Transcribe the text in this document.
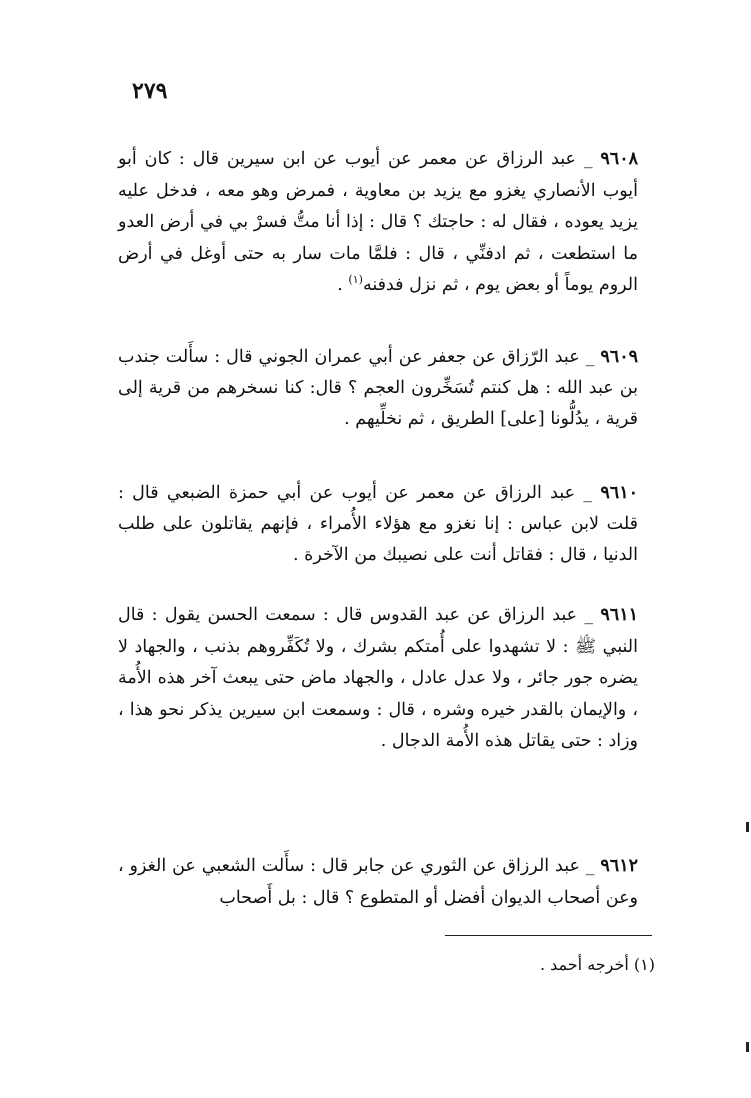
٢٧٩

٩٦٠٨ _ عبد الرزاق عن معمر عن أيوب عن ابن سيرين قال : كان أبو أيوب الأنصاري يغزو مع يزيد بن معاوية ، فمرض وهو معه ، فدخل عليه يزيد يعوده ، فقال له : حاجتك ؟ قال : إذا أنا متُّ فسرْ بي في أرض العدو ما استطعت ، ثم ادفنِّي ، قال : فلمَّا مات سار به حتى أوغل في أرض الروم يوماً أو بعض يوم ، ثم نزل فدفنه$^{(١)}$ .

٩٦٠٩ _ عبد الرّزاق عن جعفر عن أبي عمران الجوني قال : سأَلت جندب بن عبد الله : هل كنتم تُسَخِّرون العجم ؟ قال: كنا نسخرهم من قرية إلى قرية ، يدُلُّونا [على] الطريق ، ثم نخلِّيهم .

٩٦١٠ _ عبد الرزاق عن معمر عن أيوب عن أبي حمزة الضبعي قال : قلت لابن عباس : إنا نغزو مع هؤلاء الأُمراء ، فإنهم يقاتلون على طلب الدنيا ، قال : فقاتل أنت على نصيبك من الآخرة .

٩٦١١ _ عبد الرزاق عن عبد القدوس قال : سمعت الحسن يقول : قال النبي ﷺ : لا تشهدوا على أُمتكم بشرك ، ولا تُكَفِّروهم بذنب ، والجهاد لا يضره جور جائر ، ولا عدل عادل ، والجهاد ماض حتى يبعث آخر هذه الأُمة ، والإيمان بالقدر خيره وشره ، قال : وسمعت ابن سيرين يذكر نحو هذا ، وزاد : حتى يقاتل هذه الأُمة الدجال .

٩٦١٢ _ عبد الرزاق عن الثوري عن جابر قال : سأَلت الشعبي عن الغزو ، وعن أصحاب الديوان أفضل أو المتطوع ؟ قال : بل أَصحاب

(١) أخرجه أحمد .
